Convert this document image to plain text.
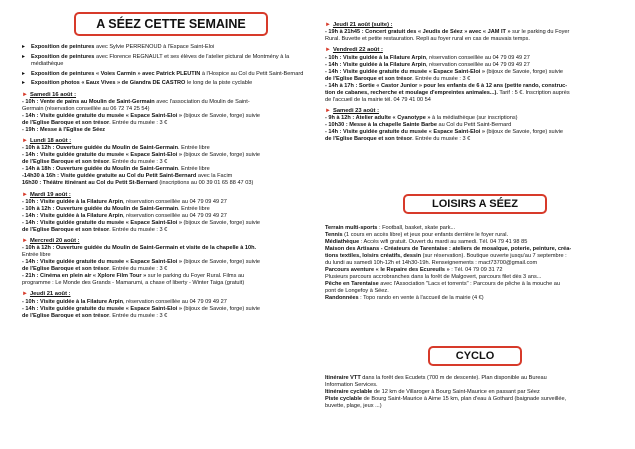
A SÉEZ CETTE SEMAINE
▸	Exposition de peintures avec Sylvie PERRENOUD à l'Espace Saint-Eloi
▸	Exposition de peintures avec Florence REGNAULT et ses élèves de l'atelier pictural de Montmény à la médiathèque
▸	Exposition de peintures « Voies Carmin » avec Patrick PLEUTIN à l'Hospice au Col du Petit Saint-Bernard
▸	Exposition photos « Eaux Vives » de Giandra DE CASTRO le long de la piste cyclable
► Samedi 16 août :
- 10h : Vente de pains au Moulin de Saint-Germain avec l'association du Moulin de Saint-
Germain (réservation conseillée au 06 72 74 25 54)
- 14h : Visite guidée gratuite du musée « Espace Saint-Eloi » (bijoux de Savoie, forge) suivie
de l'Eglise Baroque et son trésor. Entrée du musée : 3 €
- 19h : Messe à l'Eglise de Séez
► Lundi 18 août :
- 10h à 12h : Ouverture guidée du Moulin de Saint-Germain. Entrée libre
- 14h : Visite guidée gratuite du musée « Espace Saint-Eloi » (bijoux de Savoie, forge) suivie
de l'Eglise Baroque et son trésor. Entrée du musée : 3 €
- 14h à 18h : Ouverture guidée du Moulin de Saint-Germain. Entrée libre
-14h30 à 16h : Visite guidée gratuite au Col du Petit Saint-Bernard avec la Facim
16h30 : Théâtre itinérant au Col du Petit St-Bernard (inscriptions au 00 39 01 65 88 47 03)
► Mardi 19 août :
- 10h : Visite guidée à la Filature Arpin, réservation conseillée au 04 79 09 49 27
- 10h à 12h : Ouverture guidée du Moulin de Saint-Germain. Entrée libre
- 14h : Visite guidée à la Filature Arpin, réservation conseillée au 04 79 09 49 27
- 14h : Visite guidée gratuite du musée « Espace Saint-Eloi » (bijoux de Savoie, forge) suivie
de l'Eglise Baroque et son trésor. Entrée du musée : 3 €
► Mercredi 20 août :
- 10h à 12h : Ouverture guidée du Moulin de Saint-Germain et visite de la chapelle à 10h.
Entrée libre
- 14h : Visite guidée gratuite du musée « Espace Saint-Eloi » (bijoux de Savoie, forge) suivie
de l'Eglise Baroque et son trésor. Entrée du musée : 3 €
- 21h : Cinéma en plein air « Xplore Film Tour » sur le parking du Foyer Rural. Films au
programme : Le Monde des Grands - Mamarumi, a chase of liberty - Winter Taiga (gratuit)
► Jeudi 21 août :
- 10h : Visite guidée à la Filature Arpin, réservation conseillée au 04 79 09 49 27
- 14h : Visite guidée gratuite du musée « Espace Saint-Eloi » (bijoux de Savoie, forge) suivie
de l'Eglise Baroque et son trésor. Entrée du musée : 3 €
► Jeudi 21 août (suite) :
- 19h à 21h45 : Concert gratuit des « Jeudis de Séez » avec « JAM IT » sur le parking du Foyer
Rural. Buvette et petite restauration. Repli au foyer rural en cas de mauvais temps.
► Vendredi 22 août :
- 10h : Visite guidée à la Filature Arpin, réservation conseillée au 04 79 09 49 27
- 14h : Visite guidée à la Filature Arpin, réservation conseillée au 04 79 09 49 27
- 14h : Visite guidée gratuite du musée « Espace Saint-Eloi » (bijoux de Savoie, forge) suivie
de l'Eglise Baroque et son trésor. Entrée du musée : 3 €
- 14h à 17h : Sortie « Castor Junior » pour les enfants de 6 à 12 ans (petite rando, construc-
tion de cabanes, recherche et moulage d'empreintes animales...). Tarif : 5 €. Inscription auprès
de l'accueil de la mairie tél. 04 79 41 00 54
► Samedi 23 août :
- 9h à 12h : Atelier adulte « Cyanotype » à la médiathèque (sur inscriptions)
- 10h30 : Messe à la chapelle Sainte Barbe au Col du Petit Saint-Bernard
- 14h : Visite guidée gratuite du musée « Espace Saint-Eloi » (bijoux de Savoie, forge) suivie
de l'Eglise Baroque et son trésor. Entrée du musée : 3 €
LOISIRS A SÉEZ
Terrain multi-sports : Football, basket, skate park...
Tennis (1 cours en accès libre) et jeux pour enfants derrière le foyer rural.
Médiathèque : Accès wifi gratuit. Ouvert du mardi au samedi. Tél. 04 79 41 98 85
Maison des Artisans - Créateurs de Tarentaise : ateliers de mosaïque, poterie, peinture, créa-
tions textiles, loisirs créatifs, dessin (sur réservation). Boutique ouverte jusqu'au 7 septembre :
du lundi au samedi 10h-12h et 14h30-19h. Renseignements : mact73700@gmail.com
Parcours aventure « le Repaire des Ecureuils » : Tél. 04 79 09 31 72
Plusieurs parcours accrobranches dans la forêt de Malgovert, parcours filet dès 3 ans...
Pêche en Tarentaise avec l'Association "Lacs et torrents" : Parcours de pêche à la mouche au
pont de Longefoy à Séez.
Randonnées : Topo rando en vente à l'accueil de la mairie (4 €)
CYCLO
Itinéraire VTT dans la forêt des Ecudets (700 m de descente). Plan disponible au Bureau
Information Services.
Itinéraire cyclable de 12 km de Villaroger à Bourg Saint-Maurice en passant par Séez
Piste cyclable de Bourg Saint-Maurice à Aime 15 km, plan d'eau à Gothard (baignade surveillée,
buvette, plage, jeux ...)
